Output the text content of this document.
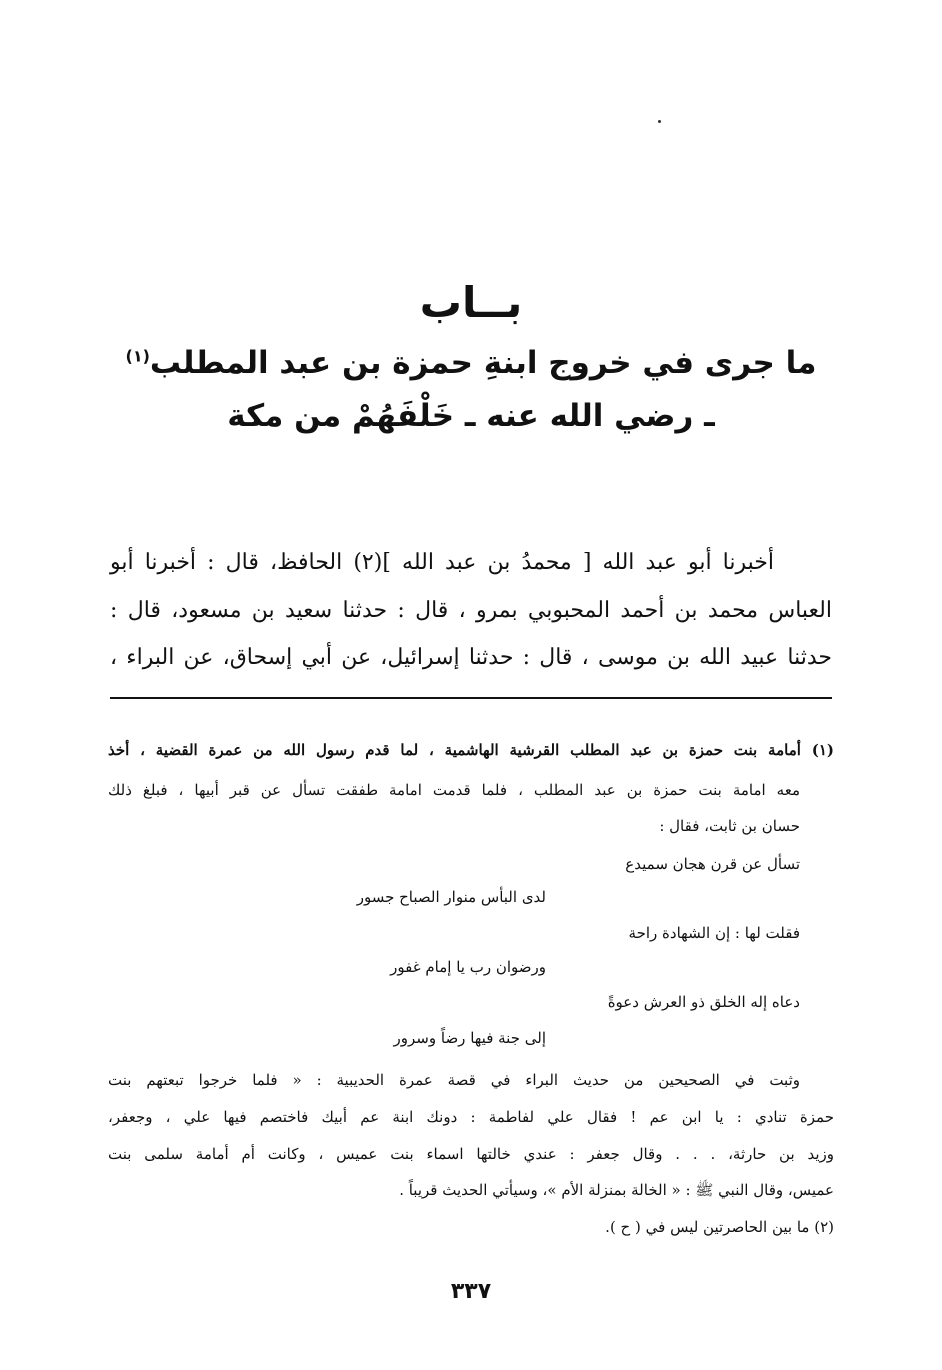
بــاب
ما جرى في خروج ابنةِ حمزة بن عبد المطلب$^{(١)}$
ـ رضي الله عنه ـ خَلْفَهُمْ من مكة
أخبرنا أبو عبد الله [ محمدُ بن عبد الله ](٢) الحافظ، قال : أخبرنا أبو
العباس محمد بن أحمد المحبوبي بمرو ، قال : حدثنا سعيد بن مسعود، قال :
حدثنا عبيد الله بن موسى ، قال : حدثنا إسرائيل، عن أبي إسحاق، عن البراء ،
(١) أمامة بنت حمزة بن عبد المطلب القرشية الهاشمية ، لما قدم رسول الله من عمرة القضية ، أخذ
معه امامة بنت حمزة بن عبد المطلب ، فلما قدمت امامة طفقت تسأل عن قبر أبيها ، فبلغ ذلك
حسان بن ثابت، فقال :
تسأل عن قرن هجان سميدع
لدى البأس منوار الصباح جسور
فقلت لها : إن الشهادة راحة
ورضوان رب يا إمام غفور
دعاه إله الخلق ذو العرش دعوةً
إلى جنة فيها رضاً وسرور
وثبت في الصحيحين من حديث البراء في قصة عمرة الحديبية : « فلما خرجوا تبعتهم بنت
حمزة تنادي : يا ابن عم ! فقال علي لفاطمة : دونك ابنة عم أبيك فاختصم فيها علي ، وجعفر،
وزيد بن حارثة، . . . وقال جعفر : عندي خالتها اسماء بنت عميس ، وكانت أم أمامة سلمى بنت
عميس، وقال النبي ﷺ : « الخالة بمنزلة الأم »، وسيأتي الحديث قريباً .
(٢) ما بين الحاصرتين ليس في ( ح ).
٣٣٧
